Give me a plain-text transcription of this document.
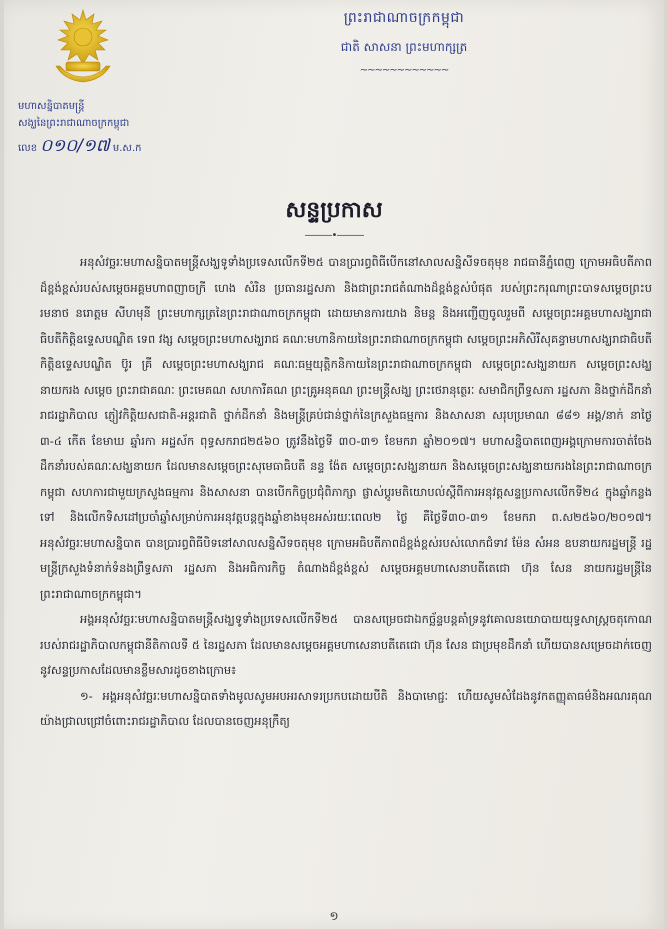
ព្រះរាជាណាចក្រកម្ពុជា
ជាតិ សាសនា ព្រះមហាក្សត្រ
~~~~~~~~~~~~
មហាសន្និបាតមន្ត្រី
សង្ឃនៃព្រះរាជាណាចក្រកម្ពុជា
លេខ ០១០/១៧ ម.ស.ក
សន្ទប្រកាស
———•———

អនុសំវច្ឆរៈមហាសន្និបាតមន្ត្រីសង្ឃទូទាំងប្រទេសលើកទី២៥ បានប្រារព្ធពិធីបើកនៅសាលសន្និសីទចតុមុខ រាជធានីភ្នំពេញ ក្រោមអធិបតីភាពដ៏ខ្ពង់ខ្ពស់របស់សម្ដេចអគ្គមហាពញាចក្រី ហេង សំរិន ប្រធានរដ្ឋសភា និងជាព្រះរាជតំណាងដ៏ខ្ពង់ខ្ពស់បំផុត របស់ព្រះករុណាព្រះបាទសម្ដេចព្រះបរមនាថ នរោត្តម សីហមុនី ព្រះមហាក្សត្រនៃព្រះរាជាណាចក្រកម្ពុជា ដោយមានការយាង និមន្ត និងអញ្ជើញចូលរួមពី សម្ដេចព្រះអគ្គមហាសង្ឃរាជាធិបតីកិត្តិឧទ្ទេសបណ្ឌិត ទេព វង្ស សម្ដេចព្រះមហាសង្ឃរាជ គណៈមហានិកាយនៃព្រះរាជាណាចក្រកម្ពុជា សម្ដេចព្រះអភិសិរីសុគន្ធាមហាសង្ឃរាជាធិបតីកិត្តិឧទ្ទេសបណ្ឌិត ប៊ូរ គ្រី សម្ដេចព្រះមហាសង្ឃរាជ គណៈធម្មយុត្តិកនិកាយនៃព្រះរាជាណាចក្រកម្ពុជា សម្ដេចព្រះសង្ឃនាយក សម្ដេចព្រះសង្ឃនាយករង សម្ដេច ព្រះរាជាគណៈ ព្រះមេគណ សហការីគណ ព្រះគ្រូអនុគណ ព្រះមន្ត្រីសង្ឃ ព្រះថេរានុត្ថេរៈ សមាជិកព្រឹទ្ធសភា រដ្ឋសភា និងថ្នាក់ដឹកនាំរាជរដ្ឋាភិបាល ភ្ញៀវកិត្តិយសជាតិ-អន្តរជាតិ ថ្នាក់ដឹកនាំ និងមន្ត្រីគ្រប់ជាន់ថ្នាក់នៃក្រសួងធម្មការ និងសាសនា សរុបប្រមាណ ៨៨១ អង្គ/នាក់ នាថ្ងៃ ៣-៤ កើត ខែមាឃ ឆ្នាំរកា អដ្ឋស័ក ពុទ្ធសករាជ២៥៦០ ត្រូវនឹងថ្ងៃទី ៣០-៣១ ខែមករា ឆ្នាំ២០១៧។ មហាសន្និបាតពេញអង្គក្រោមការចាត់ចែងដឹកនាំរបស់គណៈសង្ឃនាយក ដែលមានសម្ដេចព្រះសុមេធាធិបតី នន្ទ ង៉ែត សម្ដេចព្រះសង្ឃនាយក និងសម្ដេចព្រះសង្ឃនាយករងនៃព្រះរាជាណាចក្រកម្ពុជា សហការជាមួយក្រសួងធម្មការ និងសាសនា បានបើកកិច្ចប្រជុំពិភាក្សា ផ្លាស់ប្ដូរមតិយោបល់ស្ដីពីការអនុវត្តសន្ទប្រកាសលើកទី២៤ ក្នុងឆ្នាំកន្លងទៅ និងលើកទិសដៅប្រចាំឆ្នាំសម្រាប់ការអនុវត្តបន្តក្នុងឆ្នាំខាងមុខអស់រយៈពេល២ ថ្ងៃ គឺថ្ងៃទី៣០-៣១ ខែមករា ព.ស២៥៦០/២០១៧។ អនុសំវច្ឆរៈមហាសន្និបាត បានប្រារព្ធពិធីបិទនៅសាលសន្និសីទចតុមុខ ក្រោមអធិបតីភាពដ៏ខ្ពង់ខ្ពស់របស់លោកជំទាវ ម៉ែន សំអន ឧបនាយករដ្ឋមន្ត្រី រដ្ឋមន្ត្រីក្រសួងទំនាក់ទំនងព្រឹទ្ធសភា រដ្ឋសភា និងអធិការកិច្ច តំណាងដ៏ខ្ពង់ខ្ពស់ សម្ដេចអគ្គមហាសេនាបតីតេជោ ហ៊ុន សែន នាយករដ្ឋមន្ត្រីនៃព្រះរាជាណាចក្រកម្ពុជា។

អង្គអនុសំវច្ឆរៈមហាសន្និបាតមន្ត្រីសង្ឃទូទាំងប្រទេសលើកទី២៥ បានសម្រេចជាឯកច្ឆ័ន្ទបន្តគាំទ្រនូវគោលនយោបាយយុទ្ធសាស្ត្រចតុកោណរបស់រាជរដ្ឋាភិបាលកម្ពុជានីតិកាលទី ៥ នៃរដ្ឋសភា ដែលមានសម្ដេចអគ្គមហាសេនាបតីតេជោ ហ៊ុន សែន ជាប្រមុខដឹកនាំ ហើយបានសម្រេចដាក់ចេញនូវសន្ទប្រកាសដែលមានខ្លឹមសារដូចខាងក្រោម៖

១- អង្គអនុសំវច្ឆរៈមហាសន្និបាតទាំងមូលសូមអបអរសាទរប្រកបដោយបីតិ និងបាមោជ្ជៈ ហើយសូមសំដែងនូវកតញ្ញុតាធម៌និងអណរគុណយ៉ាងជ្រាលជ្រៅចំពោះរាជរដ្ឋាភិបាល ដែលបានចេញអនុក្រឹត្យ

១
